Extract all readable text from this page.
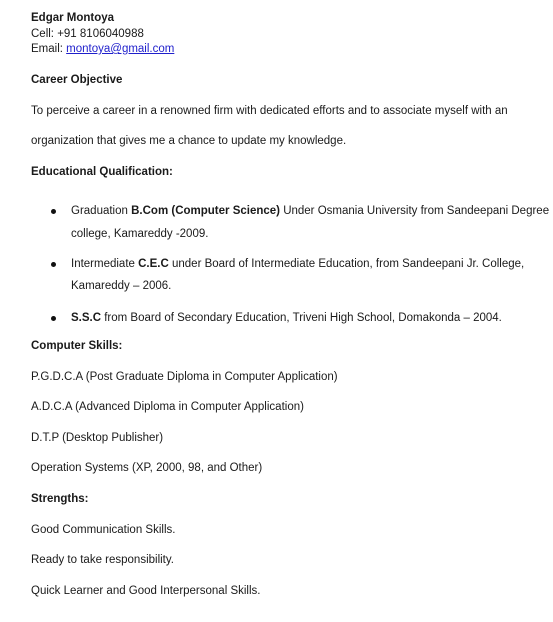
Edgar Montoya
Cell: +91 8106040988
Email: montoya@gmail.com
Career Objective
To perceive a career in a renowned firm with dedicated efforts and to associate myself with an
organization that gives me a chance to update my knowledge.
Educational Qualification:
Graduation B.Com (Computer Science) Under Osmania University from Sandeepani Degree
college, Kamareddy -2009.
Intermediate C.E.C under Board of Intermediate Education, from Sandeepani Jr. College,
Kamareddy – 2006.
S.S.C from Board of Secondary Education, Triveni High School, Domakonda – 2004.
Computer Skills:
P.G.D.C.A (Post Graduate Diploma in Computer Application)
A.D.C.A (Advanced Diploma in Computer Application)
D.T.P (Desktop Publisher)
Operation Systems (XP, 2000, 98, and Other)
Strengths:
Good Communication Skills.
Ready to take responsibility.
Quick Learner and Good Interpersonal Skills.
